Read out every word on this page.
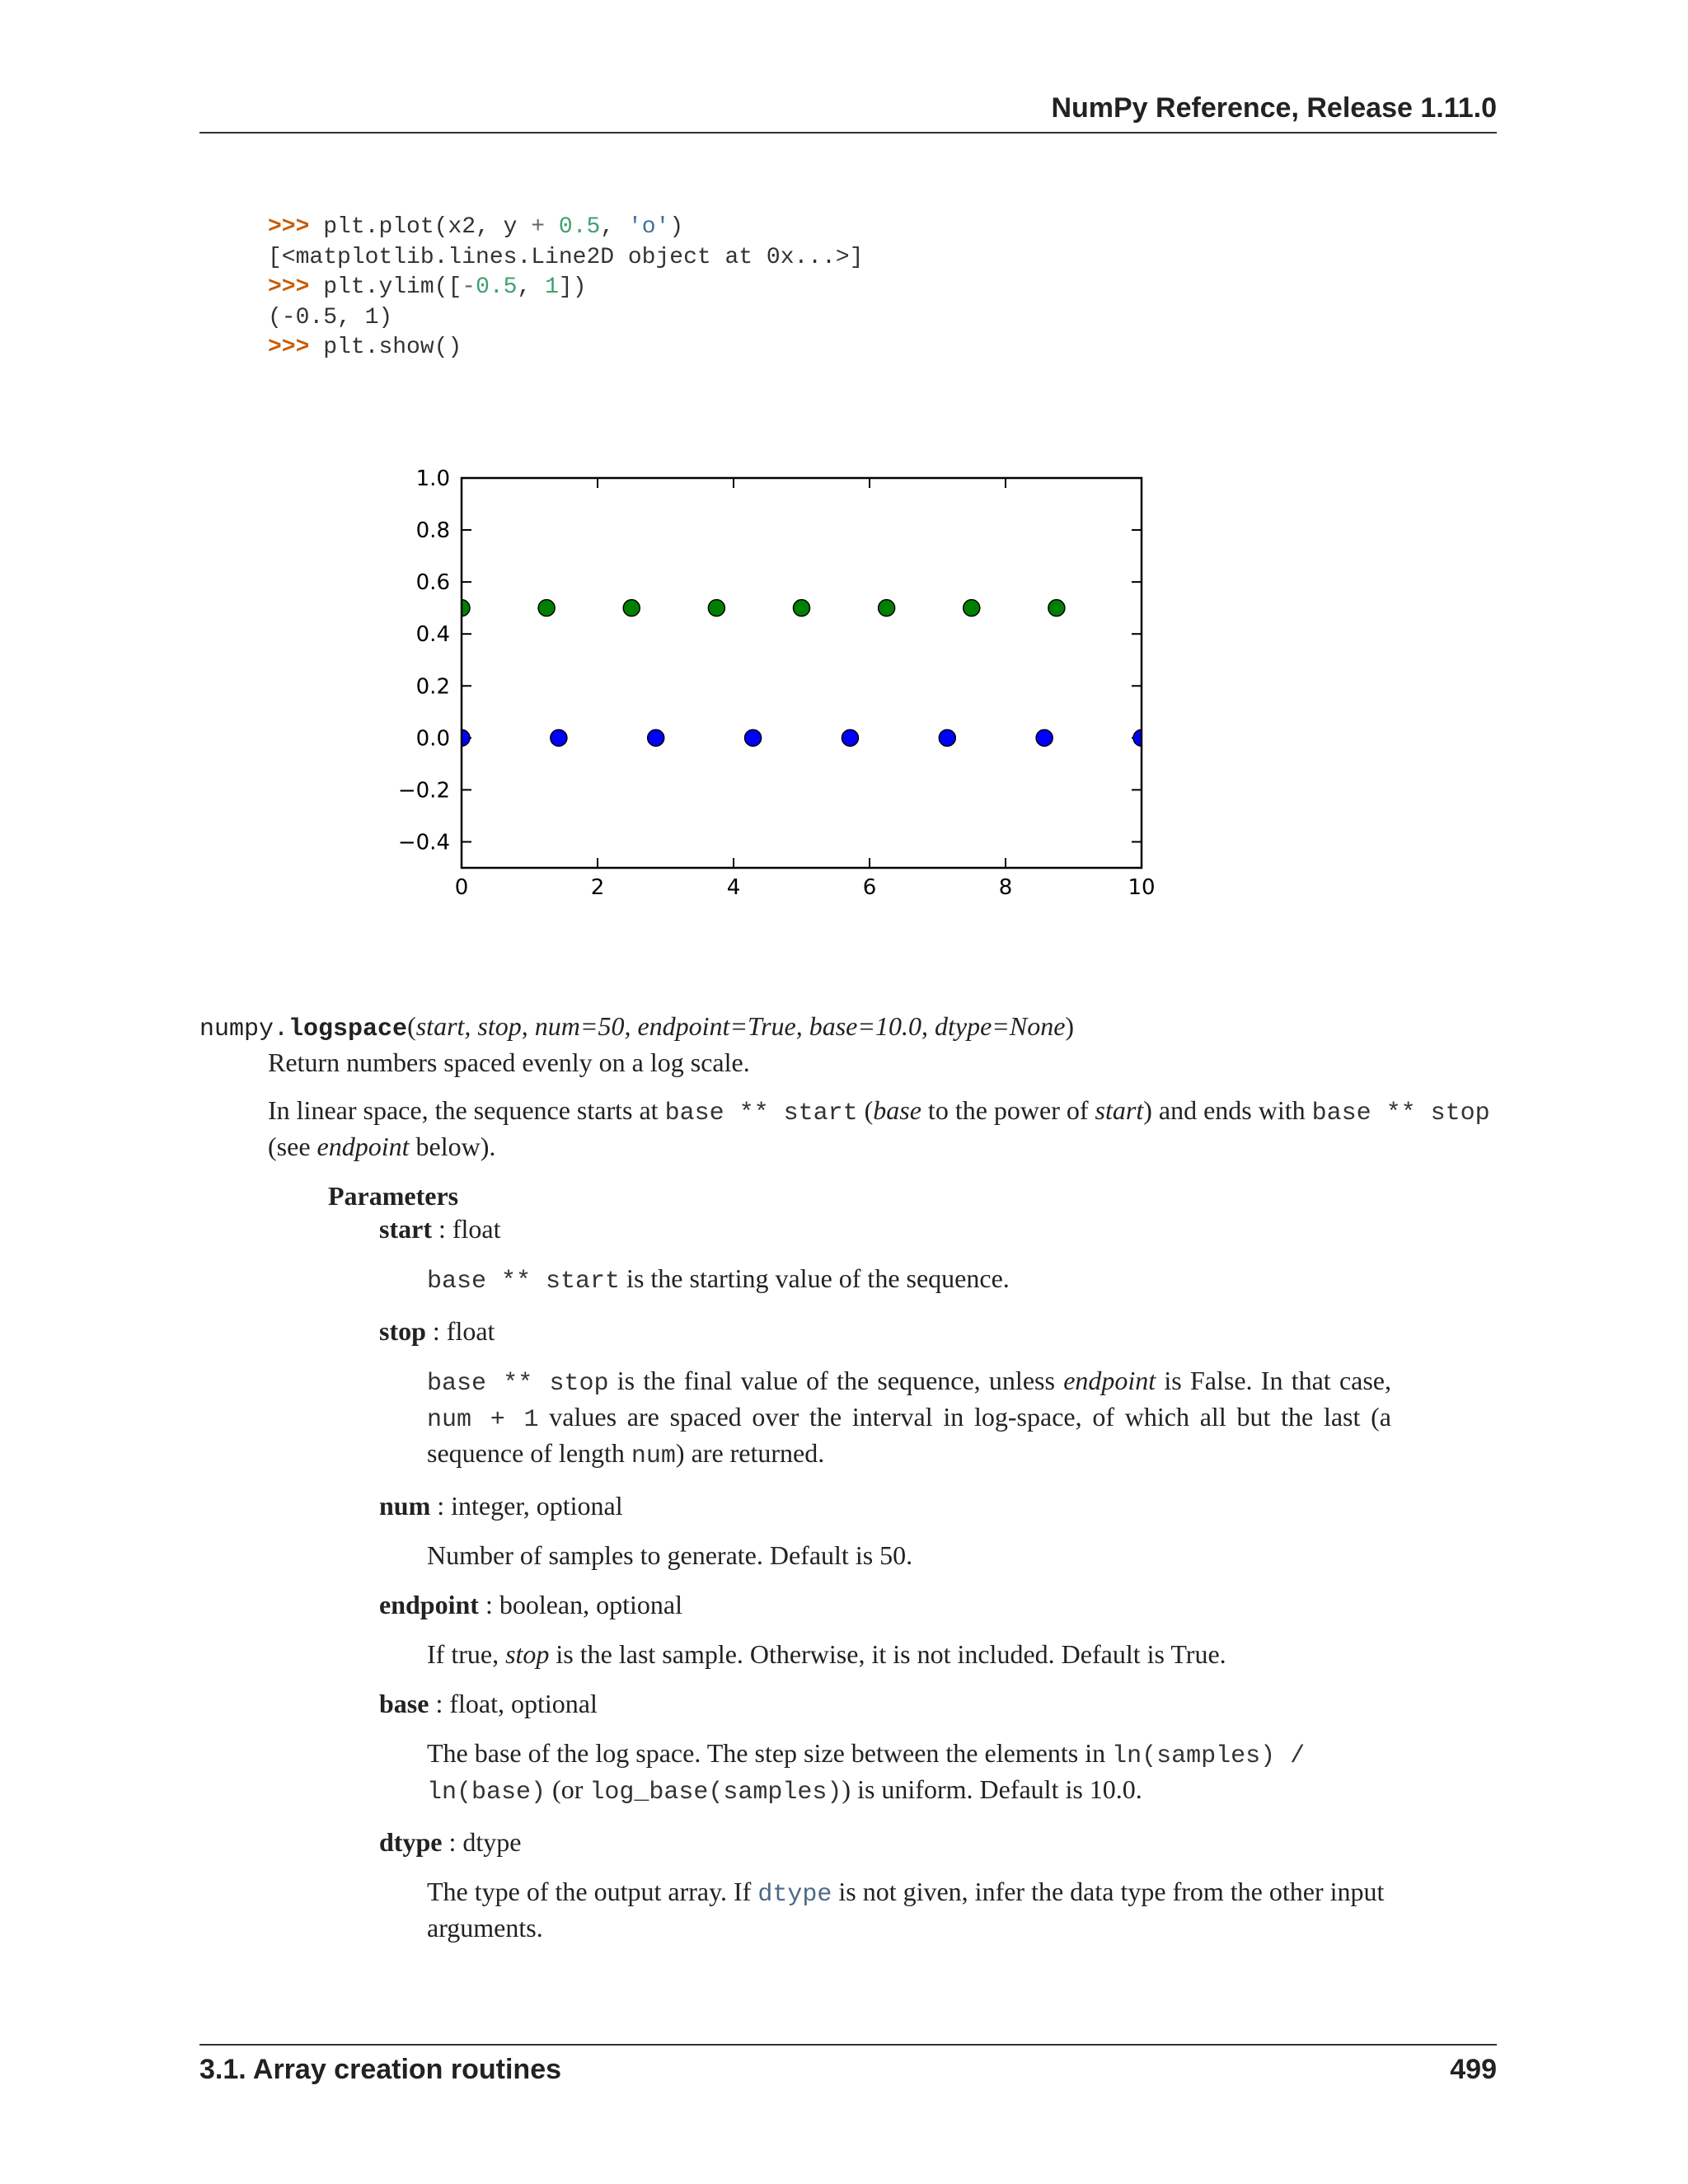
NumPy Reference, Release 1.11.0
>>> plt.plot(x2, y + 0.5, 'o')
[<matplotlib.lines.Line2D object at 0x...>]
>>> plt.ylim([-0.5, 1])
(-0.5, 1)
>>> plt.show()
0	2	4	6	8	10
1.0
0.8
0.6
0.4
0.2
0.0
−0.2
−0.4
numpy.logspace(start, stop, num=50, endpoint=True, base=10.0, dtype=None)
Return numbers spaced evenly on a log scale.
In linear space, the sequence starts at base ** start (base to the power of start) and ends with base ** stop (see endpoint below).
Parameters
start : float
base ** start is the starting value of the sequence.
stop : float
base ** stop is the final value of the sequence, unless endpoint is False. In that case, num + 1 values are spaced over the interval in log-space, of which all but the last (a sequence of length num) are returned.
num : integer, optional
Number of samples to generate. Default is 50.
endpoint : boolean, optional
If true, stop is the last sample. Otherwise, it is not included. Default is True.
base : float, optional
The base of the log space. The step size between the elements in ln(samples) / ln(base) (or log_base(samples)) is uniform. Default is 10.0.
dtype : dtype
The type of the output array. If dtype is not given, infer the data type from the other input arguments.
3.1. Array creation routines	499
